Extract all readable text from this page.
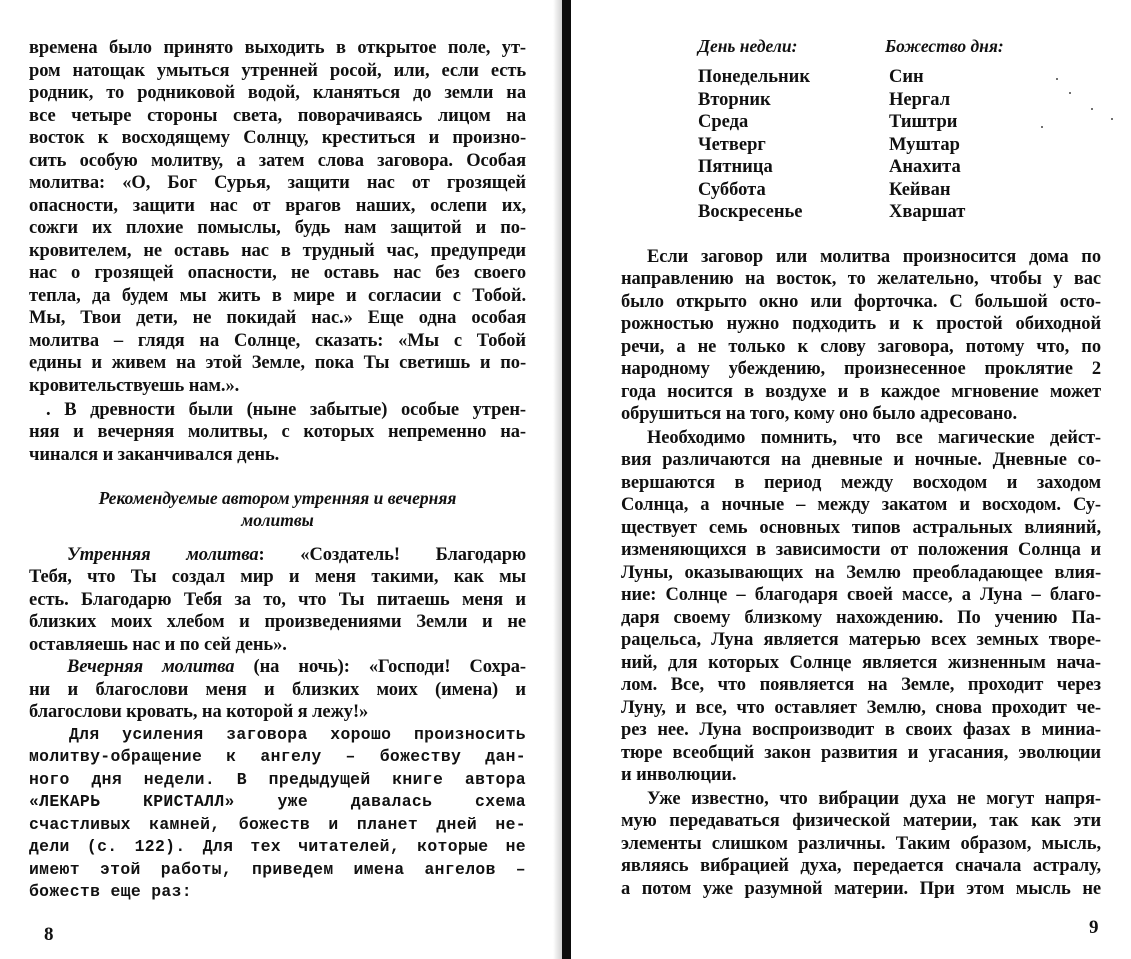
времена было принято выходить в открытое поле, ут-

ром натощак умыться утренней росой, или, если есть

родник, то родниковой водой, кланяться до земли на

все четыре стороны света, поворачиваясь лицом на

восток к восходящему Солнцу, креститься и произно-

сить особую молитву, а затем слова заговора. Особая

молитва: «О, Бог Сурья, защити нас от грозящей

опасности, защити нас от врагов наших, ослепи их,

сожги их плохие помыслы, будь нам защитой и по-

кровителем, не оставь нас в трудный час, предупреди

нас о грозящей опасности, не оставь нас без своего

тепла, да будем мы жить в мире и согласии с Тобой.

Мы, Твои дети, не покидай нас.» Еще одна особая

молитва – глядя на Солнце, сказать: «Мы с Тобой

едины и живем на этой Земле, пока Ты светишь и по-

кровительствуешь нам.».

. В древности были (ныне забытые) особые утрен-

няя и вечерняя молитвы, с которых непременно на-

чинался и заканчивался день.

Рекомендуемые автором утренняя и вечерняя

молитвы

Утренняя молитва: «Создатель! Благодарю

Тебя, что Ты создал мир и меня такими, как мы

есть. Благодарю Тебя за то, что Ты питаешь меня и

близких моих хлебом и произведениями Земли и не

оставляешь нас и по сей день».

Вечерняя молитва (на ночь): «Господи! Сохра-

ни и благослови меня и близких моих (имена) и

благослови кровать, на которой я лежу!»

Для усиления заговора хорошо произносить

молитву-обращение к ангелу – божеству дан-

ного дня недели. В предыдущей книге автора

«ЛЕКАРЬ КРИСТАЛЛ» уже давалась схема

счастливых камней, божеств и планет дней не-

дели (с. 122). Для тех читателей, которые не

имеют этой работы, приведем имена ангелов –

божеств еще раз:

8

День недели:	Божество дня:

Понедельник	Син

Вторник	Нергал

Среда	Тиштри

Четверг	Муштар

Пятница	Анахита

Суббота	Кейван

Воскресенье	Хваршат

Если заговор или молитва произносится дома по

направлению на восток, то желательно, чтобы у вас

было открыто окно или форточка. С большой осто-

рожностью нужно подходить и к простой обиходной

речи, а не только к слову заговора, потому что, по

народному убеждению, произнесенное проклятие 2

года носится в воздухе и в каждое мгновение может

обрушиться на того, кому оно было адресовано.

Необходимо помнить, что все магические дейст-

вия различаются на дневные и ночные. Дневные со-

вершаются в период между восходом и заходом

Солнца, а ночные – между закатом и восходом. Су-

ществует семь основных типов астральных влияний,

изменяющихся в зависимости от положения Солнца и

Луны, оказывающих на Землю преобладающее влия-

ние: Солнце – благодаря своей массе, а Луна – благо-

даря своему близкому нахождению. По учению Па-

рацельса, Луна является матерью всех земных творе-

ний, для которых Солнце является жизненным нача-

лом. Все, что появляется на Земле, проходит через

Луну, и все, что оставляет Землю, снова проходит че-

рез нее. Луна воспроизводит в своих фазах в миниа-

тюре всеобщий закон развития и угасания, эволюции

и инволюции.

Уже известно, что вибрации духа не могут напря-

мую передаваться физической материи, так как эти

элементы слишком различны. Таким образом, мысль,

являясь вибрацией духа, передается сначала астралу,

а потом уже разумной материи. При этом мысль не

9
